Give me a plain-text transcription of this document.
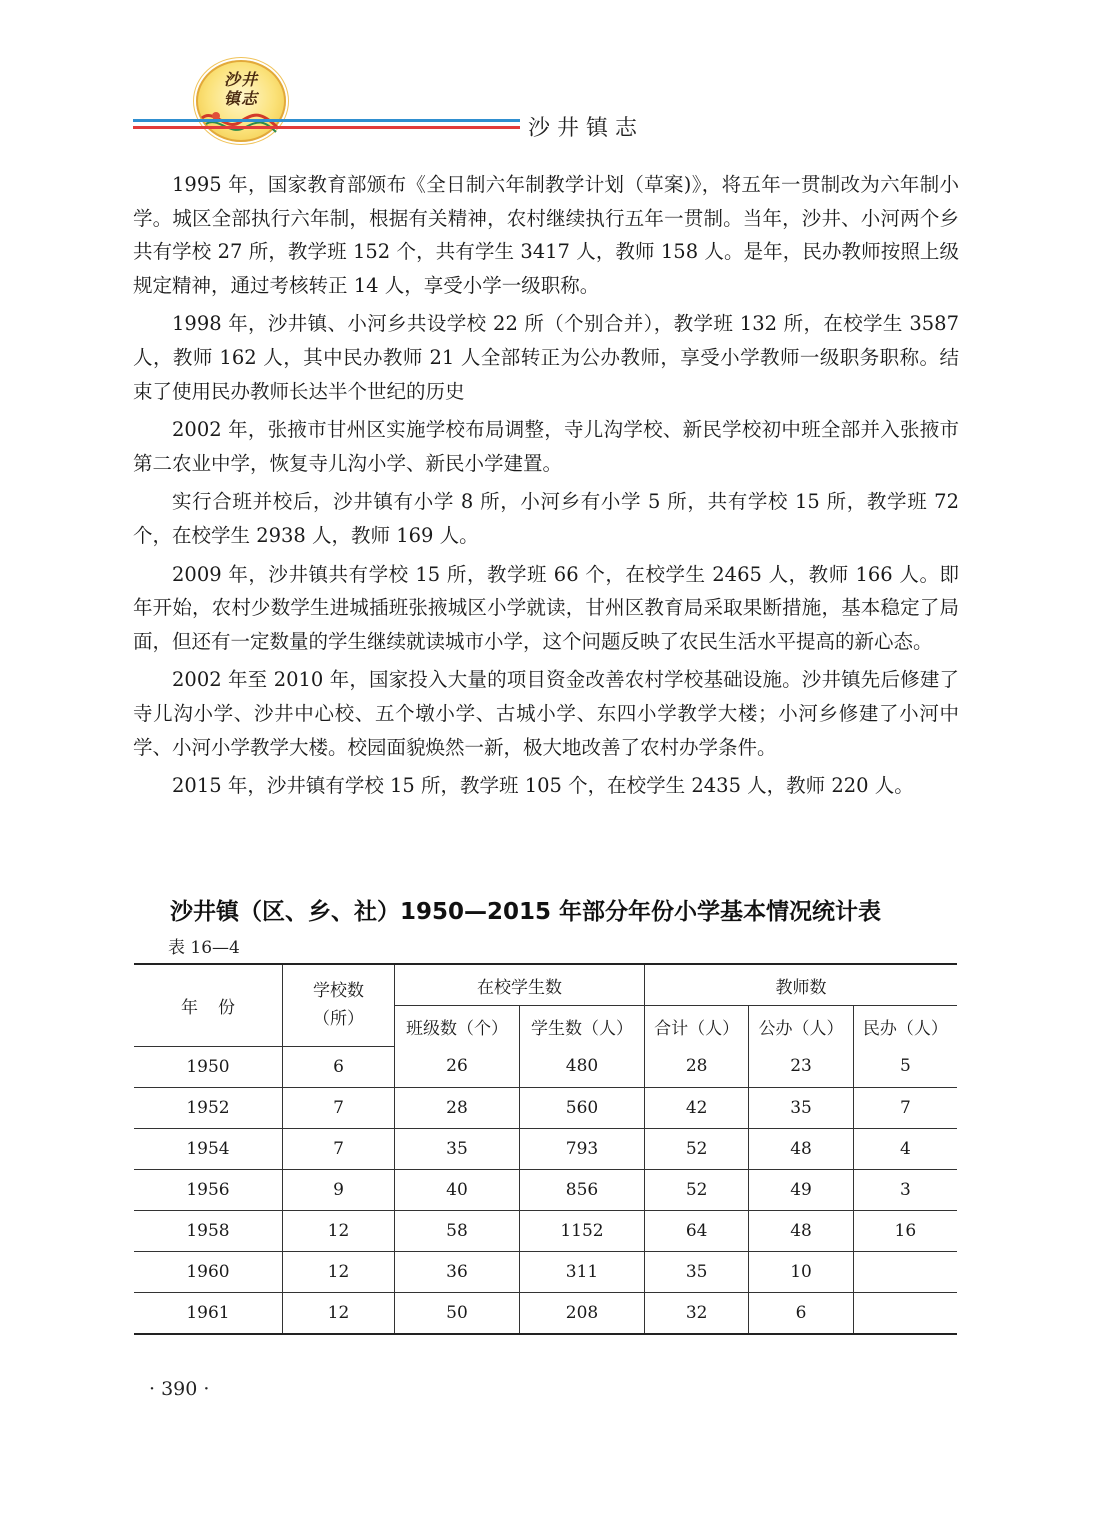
沙井
镇志
沙井镇志

1995 年，国家教育部颁布《全日制六年制教学计划（草案)》，将五年一贯制改为六年制小学。城区全部执行六年制，根据有关精神，农村继续执行五年一贯制。当年，沙井、小河两个乡共有学校 27 所，教学班 152 个，共有学生 3417 人，教师 158 人。是年，民办教师按照上级规定精神，通过考核转正 14 人，享受小学一级职称。

1998 年，沙井镇、小河乡共设学校 22 所（个别合并），教学班 132 所，在校学生 3587 人，教师 162 人，其中民办教师 21 人全部转正为公办教师，享受小学教师一级职务职称。结束了使用民办教师长达半个世纪的历史

2002 年，张掖市甘州区实施学校布局调整，寺儿沟学校、新民学校初中班全部并入张掖市第二农业中学，恢复寺儿沟小学、新民小学建置。

实行合班并校后，沙井镇有小学 8 所，小河乡有小学 5 所，共有学校 15 所，教学班 72 个，在校学生 2938 人，教师 169 人。

2009 年，沙井镇共有学校 15 所，教学班 66 个，在校学生 2465 人，教师 166 人。即年开始，农村少数学生进城插班张掖城区小学就读，甘州区教育局采取果断措施，基本稳定了局面，但还有一定数量的学生继续就读城市小学，这个问题反映了农民生活水平提高的新心态。

2002 年至 2010 年，国家投入大量的项目资金改善农村学校基础设施。沙井镇先后修建了寺儿沟小学、沙井中心校、五个墩小学、古城小学、东四小学教学大楼；小河乡修建了小河中学、小河小学教学大楼。校园面貌焕然一新，极大地改善了农村办学条件。

2015 年，沙井镇有学校 15 所，教学班 105 个，在校学生 2435 人，教师 220 人。

沙井镇（区、乡、社）1950—2015 年部分年份小学基本情况统计表
表 16—4
年份	学校数
（所）	在校学生数		教师数		
		班级数（个）	学生数（人）	合计（人）	公办（人）	民办（人）
1950	6	26	480	28	23	5
1952	7	28	560	42	35	7
1954	7	35	793	52	48	4
1956	9	40	856	52	49	3
1958	12	58	1152	64	48	16
1960	12	36	311	35	10	
1961	12	50	208	32	6	
· 390 ·
